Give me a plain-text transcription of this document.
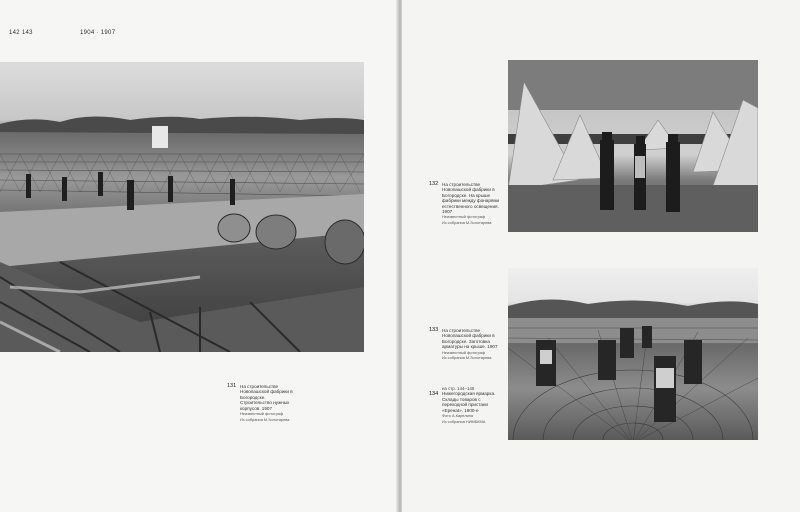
142 143	1904 · 1907
131 На строительстве Новопашской фабрики в Богородске. Строительство нужных корпусов. 1907
Неизвестный фотограф
Из собрания М.Золотарева
132 На строительстве Новопашской фабрики в Богородске. На крыше фабрики между фонарями естественного освещения. 1907
Неизвестный фотограф
Из собрания М.Золотарева
133 На строительстве Новопашской фабрики в Богородске. Заготовка арматуры на крыше. 1907
Неизвестный фотограф
Из собрания М.Золотарева
на стр. 144–145
134 Нижегородская ярмарка. Склады товаров с переходной пристани «Еренаt». 1900-е
Фото А.Карелина
Из собрания НИМБКМА
